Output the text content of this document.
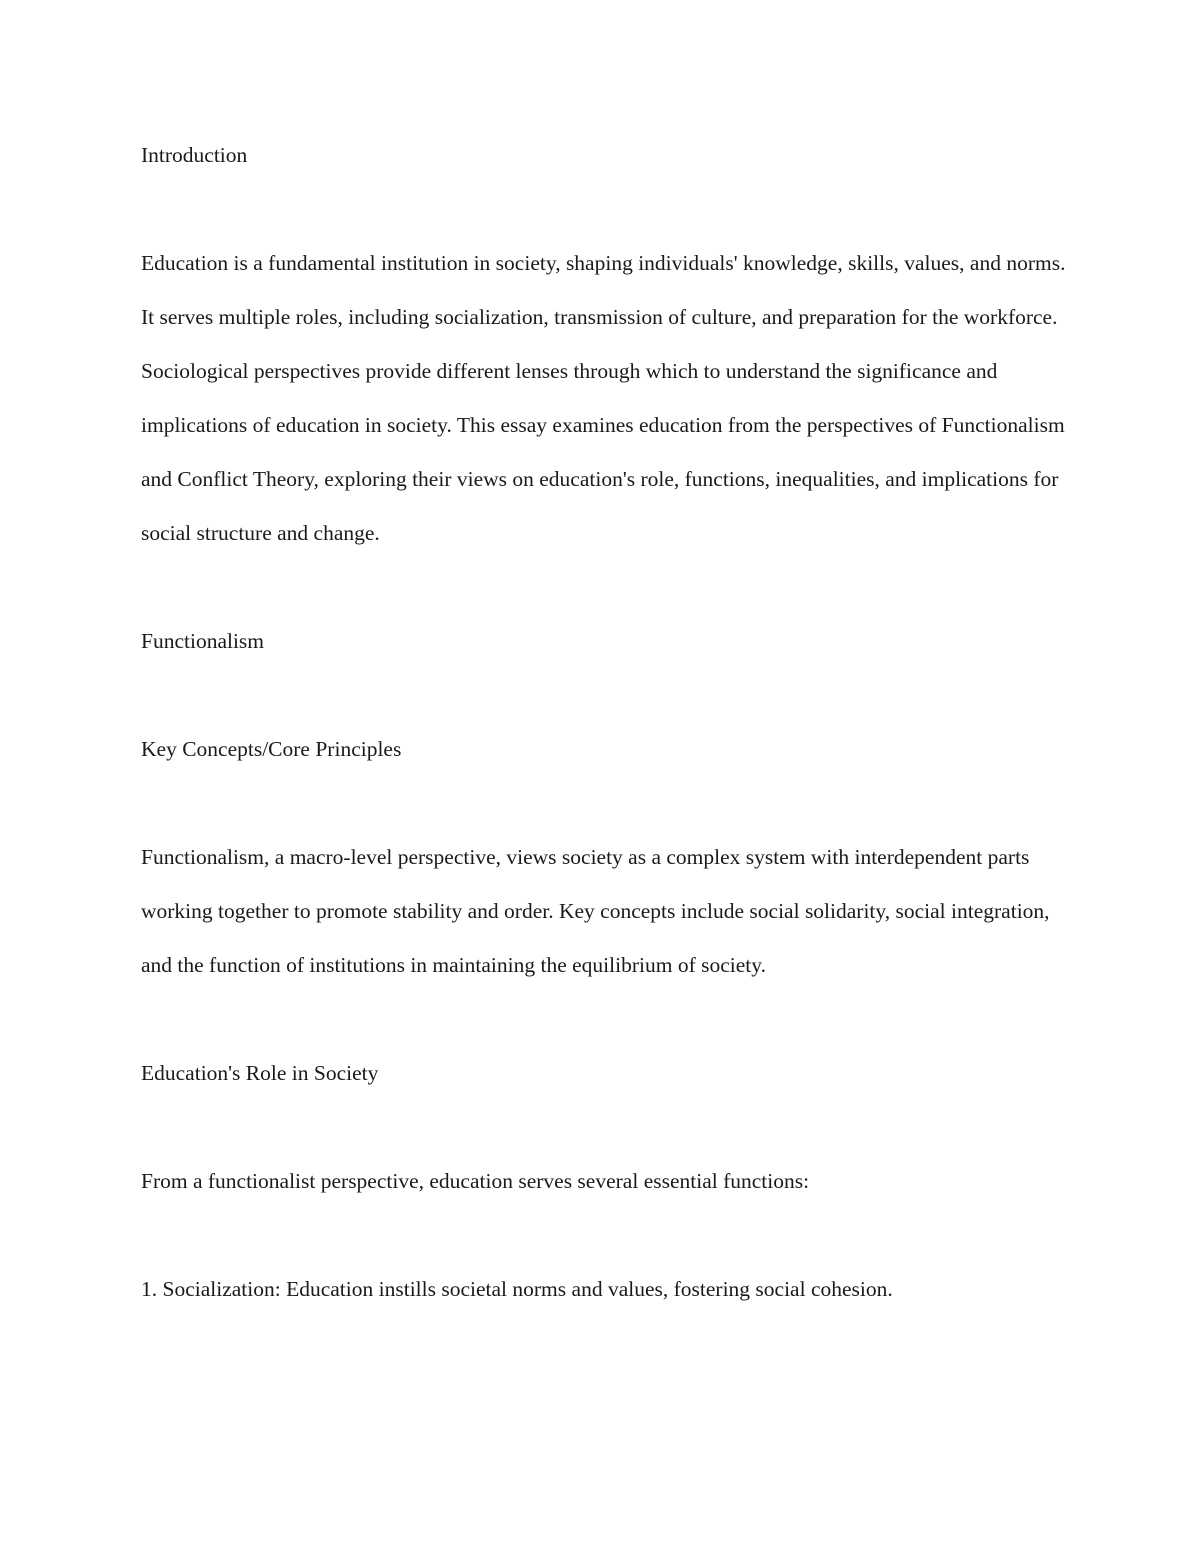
Introduction

Education is a fundamental institution in society, shaping individuals' knowledge, skills, values, and norms. It serves multiple roles, including socialization, transmission of culture, and preparation for the workforce. Sociological perspectives provide different lenses through which to understand the significance and implications of education in society. This essay examines education from the perspectives of Functionalism and Conflict Theory, exploring their views on education's role, functions, inequalities, and implications for social structure and change.

Functionalism

Key Concepts/Core Principles

Functionalism, a macro-level perspective, views society as a complex system with interdependent parts working together to promote stability and order. Key concepts include social solidarity, social integration, and the function of institutions in maintaining the equilibrium of society.

Education's Role in Society

From a functionalist perspective, education serves several essential functions:

1. Socialization: Education instills societal norms and values, fostering social cohesion.
